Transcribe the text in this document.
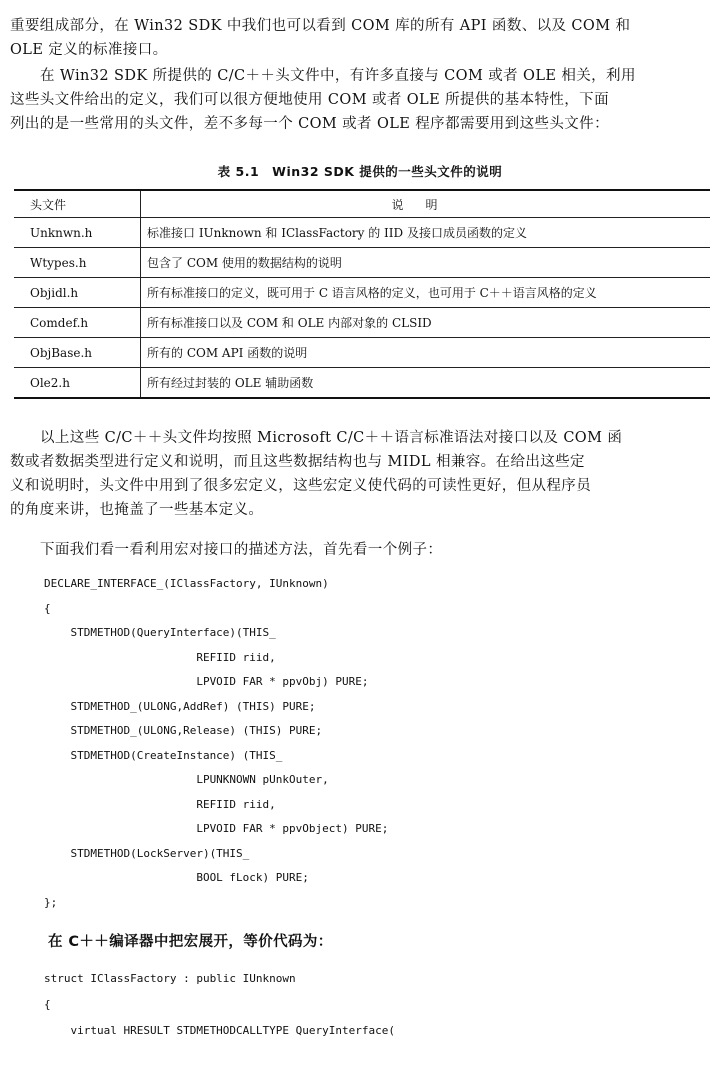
重要组成部分，在 Win32 SDK 中我们也可以看到 COM 库的所有 API 函数、以及 COM 和
OLE 定义的标准接口。
在 Win32 SDK 所提供的 C/C＋＋头文件中，有许多直接与 COM 或者 OLE 相关，利用
这些头文件给出的定义，我们可以很方便地使用 COM 或者 OLE 所提供的基本特性，下面
列出的是一些常用的头文件，差不多每一个 COM 或者 OLE 程序都需要用到这些头文件：
表 5.1　Win32 SDK 提供的一些头文件的说明
头文件	说明
Unknwn.h	标准接口 IUnknown 和 IClassFactory 的 IID 及接口成员函数的定义
Wtypes.h	包含了 COM 使用的数据结构的说明
Objidl.h	所有标准接口的定义，既可用于 C 语言风格的定义，也可用于 C＋＋语言风格的定义
Comdef.h	所有标准接口以及 COM 和 OLE 内部对象的 CLSID
ObjBase.h	所有的 COM API 函数的说明
Ole2.h	所有经过封装的 OLE 辅助函数
以上这些 C/C＋＋头文件均按照 Microsoft C/C＋＋语言标准语法对接口以及 COM 函
数或者数据类型进行定义和说明，而且这些数据结构也与 MIDL 相兼容。在给出这些定
义和说明时，头文件中用到了很多宏定义，这些宏定义使代码的可读性更好，但从程序员
的角度来讲，也掩盖了一些基本定义。
下面我们看一看利用宏对接口的描述方法，首先看一个例子：
DECLARE_INTERFACE_(IClassFactory, IUnknown)
{
STDMETHOD(QueryInterface)(THIS_
REFIID riid,
LPVOID FAR * ppvObj) PURE;
STDMETHOD_(ULONG,AddRef) (THIS) PURE;
STDMETHOD_(ULONG,Release) (THIS) PURE;
STDMETHOD(CreateInstance) (THIS_
LPUNKNOWN pUnkOuter,
REFIID riid,
LPVOID FAR * ppvObject) PURE;
STDMETHOD(LockServer)(THIS_
BOOL fLock) PURE;
};
在 C＋＋编译器中把宏展开，等价代码为：
struct IClassFactory : public IUnknown
{
virtual HRESULT STDMETHODCALLTYPE QueryInterface(
